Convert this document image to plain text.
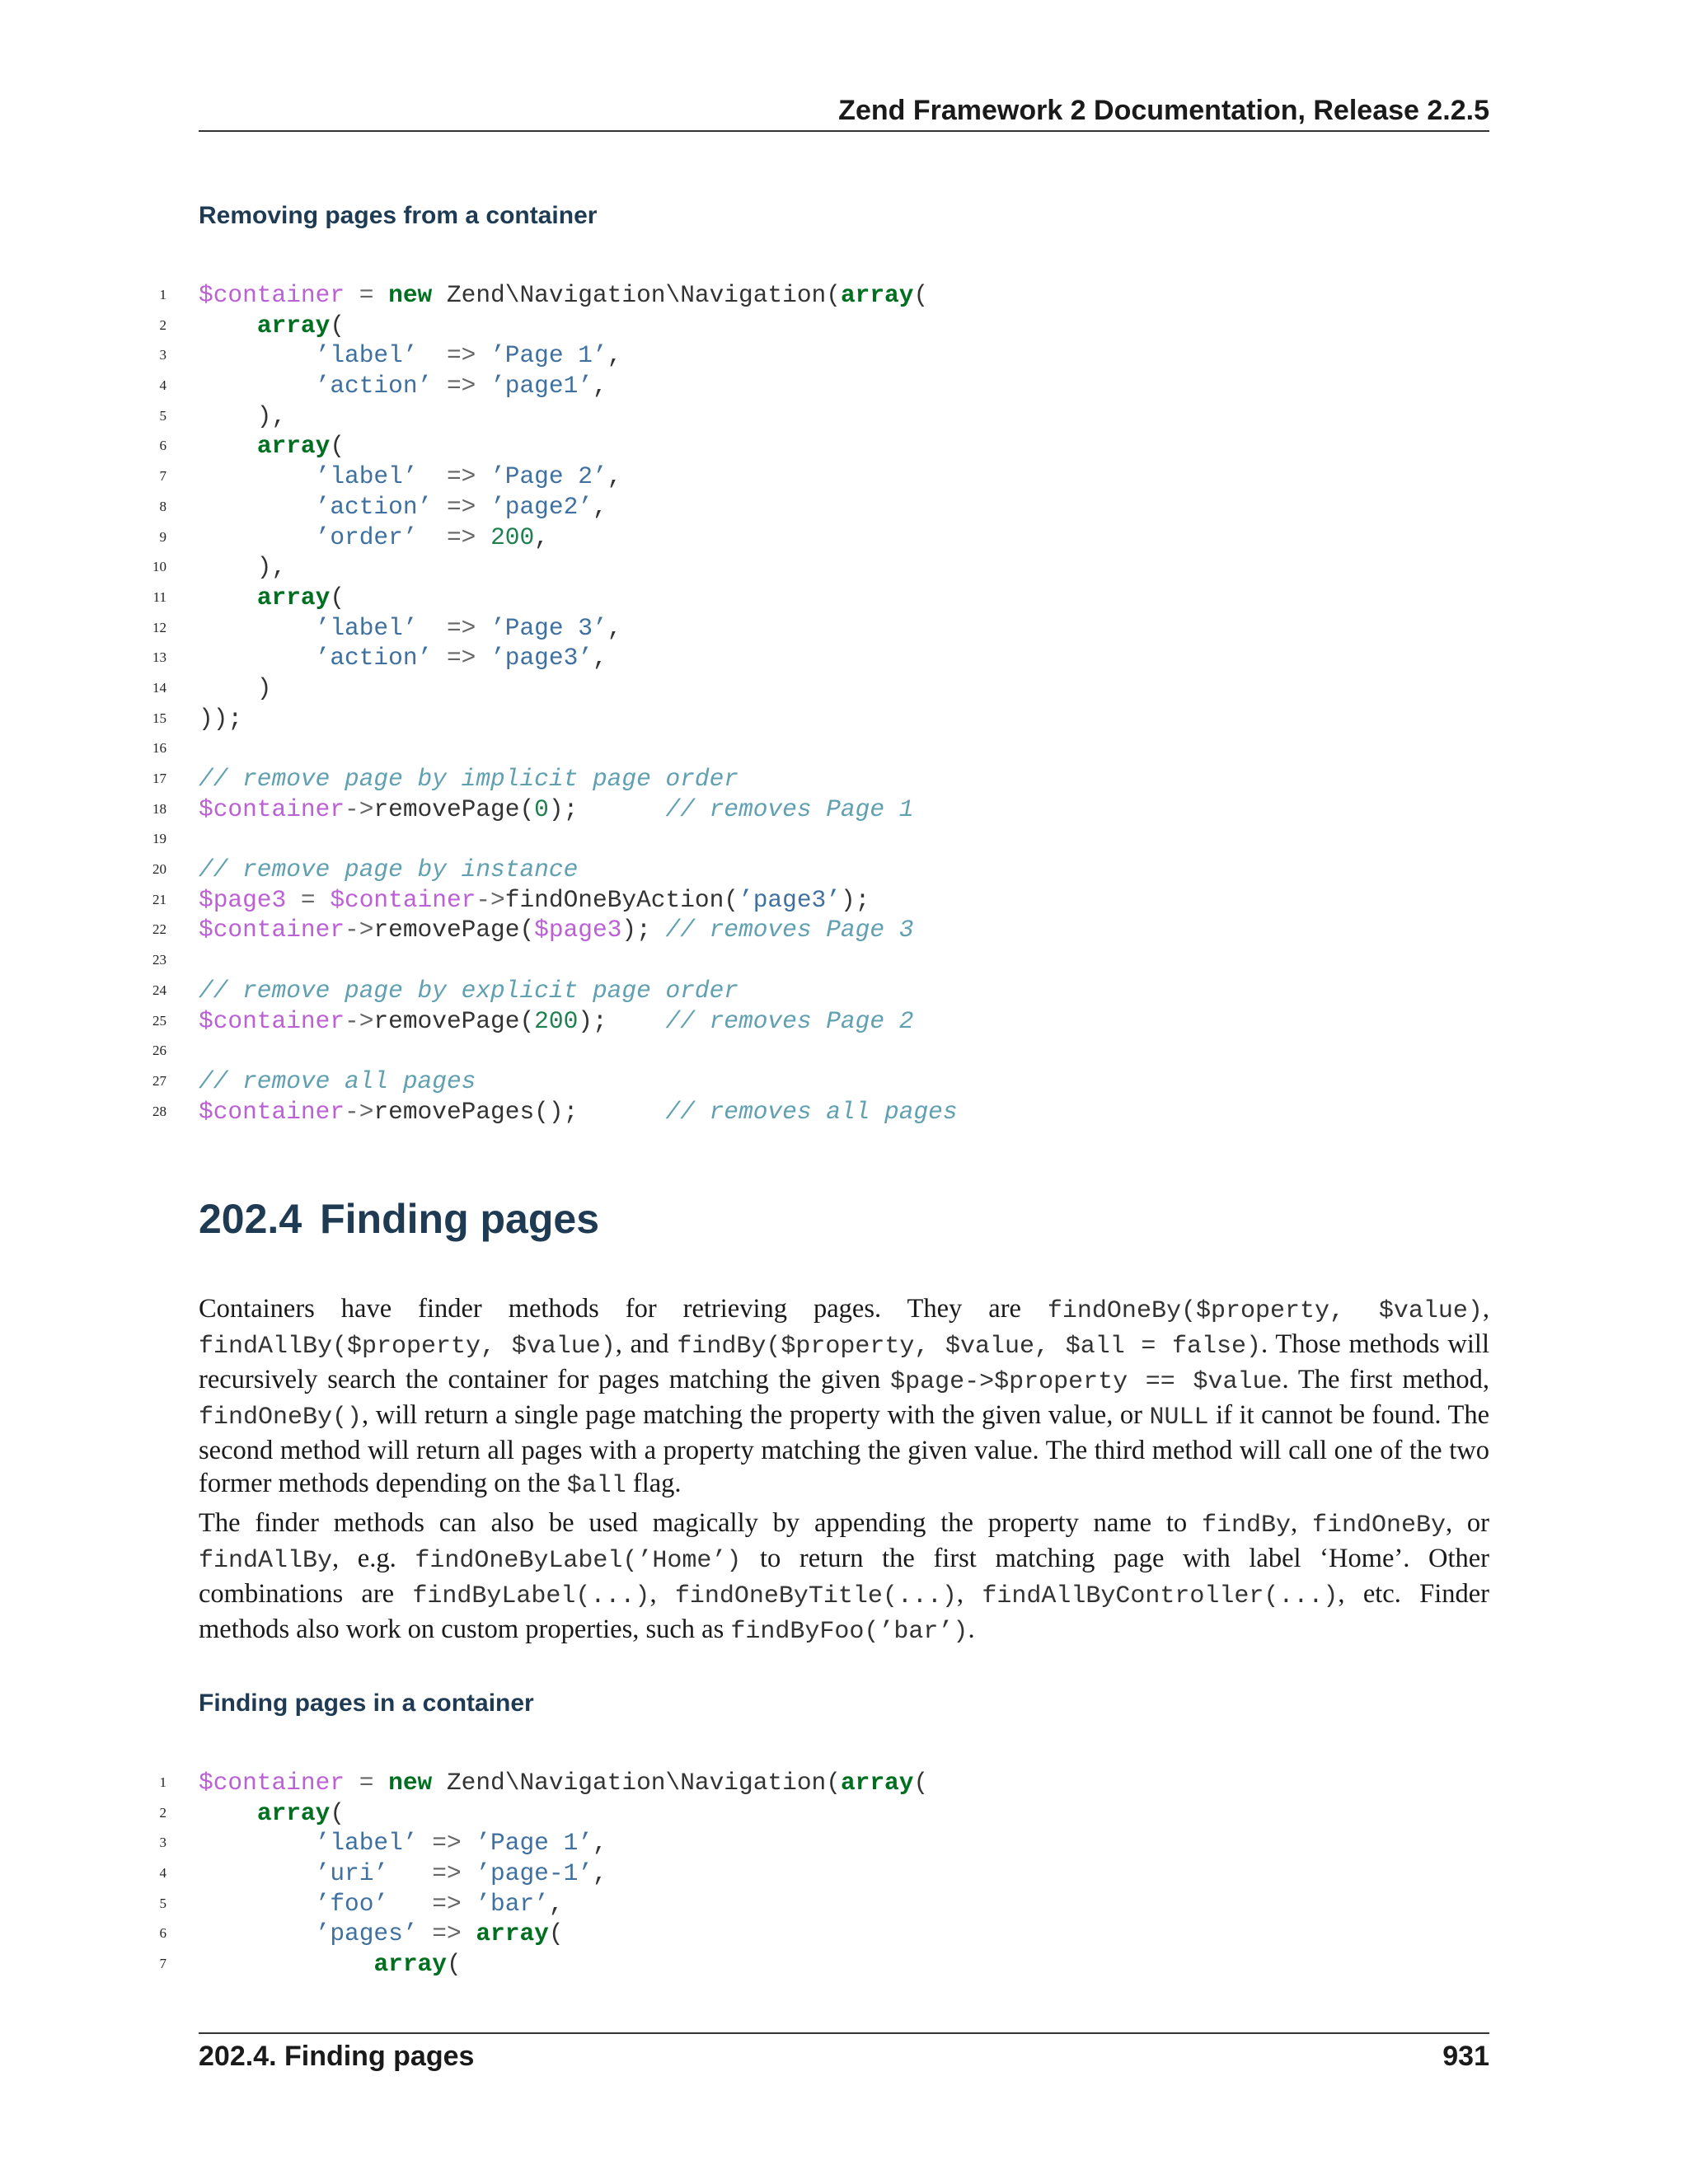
Zend Framework 2 Documentation, Release 2.2.5
Removing pages from a container
1 $container = new Zend\Navigation\Navigation(array(
2	array(
3	’label’  => ’Page 1’,
4	’action’ => ’page1’,
5 ),
6	array(
7	’label’  => ’Page 2’,
8	’action’ => ’page2’,
9	’order’  => 200,
10 ),
11	array(
12	’label’  => ’Page 3’,
13	’action’ => ’page3’,
14 )
15 ));
16
17 // remove page by implicit page order
18 $container->removePage(0);      // removes Page 1
19
20 // remove page by instance
21 $page3 = $container->findOneByAction(’page3’);
22 $container->removePage($page3); // removes Page 3
23
24 // remove page by explicit page order
25 $container->removePage(200);    // removes Page 2
26
27 // remove all pages
28 $container->removePages();      // removes all pages
202.4 Finding pages

Containers have finder methods for retrieving pages. They are findOneBy($property, $value), findAllBy($property, $value), and findBy($property, $value, $all = false). Those methods will recursively search the container for pages matching the given $page->$property == $value. The first method, findOneBy(), will return a single page matching the property with the given value, or NULL if it cannot be found. The second method will return all pages with a property matching the given value. The third method will call one of the two former methods depending on the $all flag.

The finder methods can also be used magically by appending the property name to findBy, findOneBy, or findAllBy, e.g. findOneByLabel(’Home’) to return the first matching page with label ‘Home’. Other combinations are findByLabel(...), findOneByTitle(...), findAllByController(...), etc. Finder methods also work on custom properties, such as findByFoo(’bar’).

Finding pages in a container
1 $container = new Zend\Navigation\Navigation(array(
2	array(
3	’label’ => ’Page 1’,
4	’uri’   => ’page-1’,
5	’foo’   => ’bar’,
6	’pages’ => array(
7	array(
202.4. Finding pages	931
